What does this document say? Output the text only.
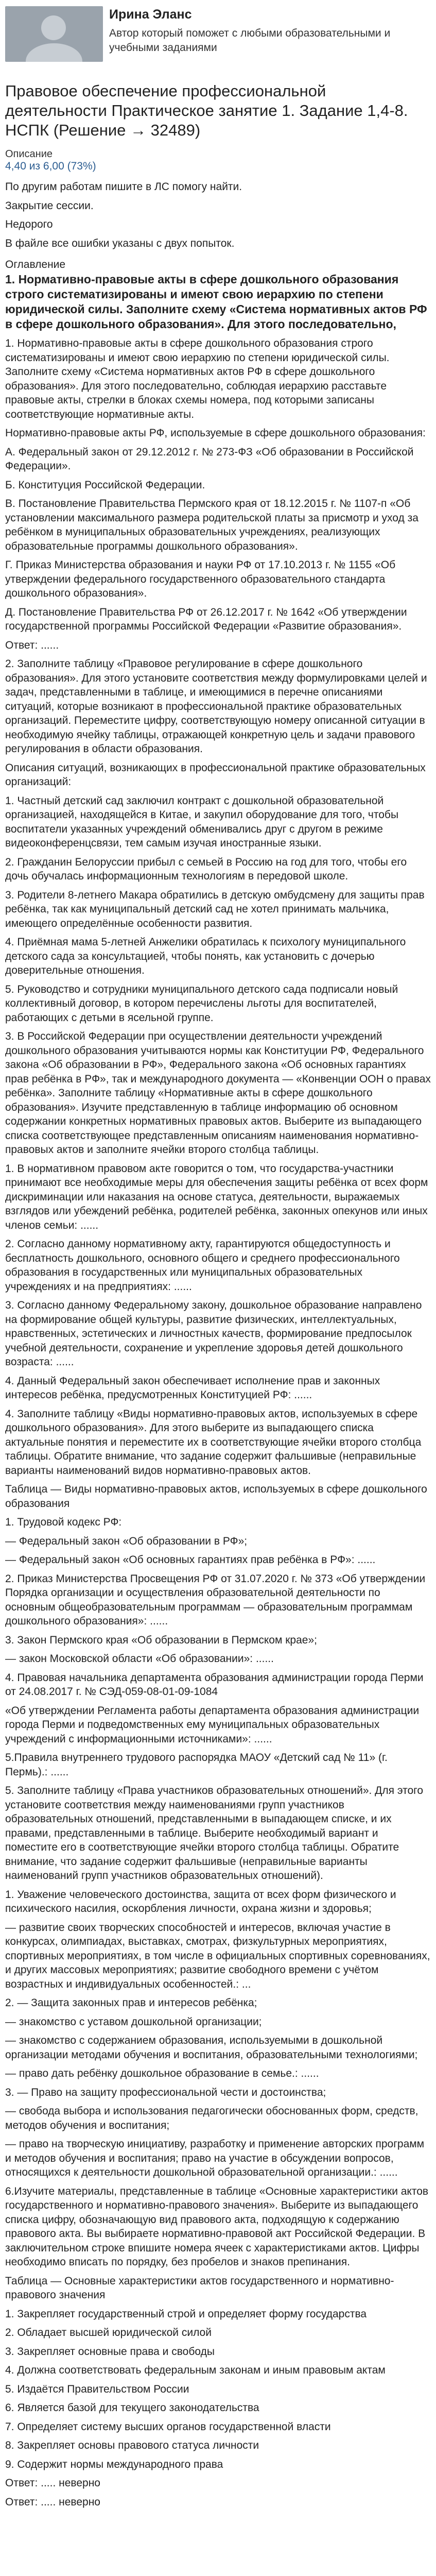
Ирина Эланс
Автор который поможет с любыми образовательными и учебными заданиями
Правовое обеспечение профессиональной деятельности Практическое занятие 1. Задание 1,4-8. НСПК (Решение → 32489)

Описание

4,40 из 6,00 (73%)

По другим работам пишите в ЛС помогу найти.

Закрытие сессии.

Недорого

В файле все ошибки указаны с двух попыток.

Оглавление

1. Нормативно-правовые акты в сфере дошкольного образования строго систематизированы и имеют свою иерархию по степени юридической силы. Заполните схему «Система нормативных актов РФ в сфере дошкольного образования». Для этого последовательно,

1. Нормативно-правовые акты в сфере дошкольного образования строго систематизированы и имеют свою иерархию по степени юридической силы. Заполните схему «Система нормативных актов РФ в сфере дошкольного образования». Для этого последовательно, соблюдая иерархию расставьте правовые акты, стрелки в блоках схемы номера, под которыми записаны соответствующие нормативные акты.

Нормативно-правовые акты РФ, используемые в сфере дошкольного образования:

А. Федеральный закон от 29.12.2012 г. № 273-ФЗ «Об образовании в Российской Федерации».

Б. Конституция Российской Федерации.

В. Постановление Правительства Пермского края от 18.12.2015 г. № 1107-п «Об установлении максимального размера родительской платы за присмотр и уход за ребёнком в муниципальных образовательных учреждениях, реализующих образовательные программы дошкольного образования».

Г. Приказ Министерства образования и науки РФ от 17.10.2013 г. № 1155 «Об утверждении федерального государственного образовательного стандарта дошкольного образования».

Д. Постановление Правительства РФ от 26.12.2017 г. № 1642 «Об утверждении государственной программы Российской Федерации «Развитие образования».

Ответ: ......

2. Заполните таблицу «Правовое регулирование в сфере дошкольного образования». Для этого установите соответствия между формулировками целей и задач, представленными в таблице, и имеющимися в перечне описаниями ситуаций, которые возникают в профессиональной практике образовательных организаций. Переместите цифру, соответствующую номеру описанной ситуации в необходимую ячейку таблицы, отражающей конкретную цель и задачи правового регулирования в области образования.

Описания ситуаций, возникающих в профессиональной практике образовательных организаций:

1. Частный детский сад заключил контракт с дошкольной образовательной организацией, находящейся в Китае, и закупил оборудование для того, чтобы воспитатели указанных учреждений обменивались друг с другом в режиме видеоконференцсвязи, тем самым изучая иностранные языки.

2. Гражданин Белоруссии прибыл с семьей в Россию на год для того, чтобы его дочь обучалась информационным технологиям в передовой школе.

3. Родители 8-летнего Макара обратились в детскую омбудсмену для защиты прав ребёнка, так как муниципальный детский сад не хотел принимать мальчика, имеющего определённые особенности развития.

4. Приёмная мама 5-летней Анжелики обратилась к психологу муниципального детского сада за консультацией, чтобы понять, как установить с дочерью доверительные отношения.

5. Руководство и сотрудники муниципального детского сада подписали новый коллективный договор, в котором перечислены льготы для воспитателей, работающих с детьми в ясельной группе.

3. В Российской Федерации при осуществлении деятельности учреждений дошкольного образования учитываются нормы как Конституции РФ, Федерального закона «Об образовании в РФ», Федерального закона «Об основных гарантиях прав ребёнка в РФ», так и международного документа — «Конвенции ООН о правах ребёнка». Заполните таблицу «Нормативные акты в сфере дошкольного образования». Изучите представленную в таблице информацию об основном содержании конкретных нормативных правовых актов. Выберите из выпадающего списка соответствующее представленным описаниям наименования нормативно-правовых актов и заполните ячейки второго столбца таблицы.

1. В нормативном правовом акте говорится о том, что государства-участники принимают все необходимые меры для обеспечения защиты ребёнка от всех форм дискриминации или наказания на основе статуса, деятельности, выражаемых взглядов или убеждений ребёнка, родителей ребёнка, законных опекунов или иных членов семьи: ......

2. Согласно данному нормативному акту, гарантируются общедоступность и бесплатность дошкольного, основного общего и среднего профессионального образования в государственных или муниципальных образовательных учреждениях и на предприятиях: ......

3. Согласно данному Федеральному закону, дошкольное образование направлено на формирование общей культуры, развитие физических, интеллектуальных, нравственных, эстетических и личностных качеств, формирование предпосылок учебной деятельности, сохранение и укрепление здоровья детей дошкольного возраста: ......

4. Данный Федеральный закон обеспечивает исполнение прав и законных интересов ребёнка, предусмотренных Конституцией РФ: ......

4. Заполните таблицу «Виды нормативно-правовых актов, используемых в сфере дошкольного образования». Для этого выберите из выпадающего списка актуальные понятия и переместите их в соответствующие ячейки второго столбца таблицы. Обратите внимание, что задание содержит фальшивые (неправильные варианты наименований видов нормативно-правовых актов.

Таблица — Виды нормативно-правовых актов, используемых в сфере дошкольного образования

1. Трудовой кодекс РФ:

— Федеральный закон «Об образовании в РФ»;

— Федеральный закон «Об основных гарантиях прав ребёнка в РФ»: ......

2. Приказ Министерства Просвещения РФ от 31.07.2020 г. № 373 «Об утверждении Порядка организации и осуществления образовательной деятельности по основным общеобразовательным программам — образовательным программам дошкольного образования»: ......

3. Закон Пермского края «Об образовании в Пермском крае»;

— закон Московской области «Об образовании»: ......

4. Правовая начальника департамента образования администрации города Перми от 24.08.2017 г. № СЭД-059-08-01-09-1084

«Об утверждении Регламента работы департамента образования администрации города Перми и подведомственных ему муниципальных образовательных учреждений с информационными источниками»: ......

5.Правила внутреннего трудового распорядка МАОУ «Детский сад № 11» (г. Пермь).: ......

5. Заполните таблицу «Права участников образовательных отношений». Для этого установите соответствия между наименованиями групп участников образовательных отношений, представленными в выпадающем списке, и их правами, представленными в таблице. Выберите необходимый вариант и поместите его в соответствующие ячейки второго столбца таблицы. Обратите внимание, что задание содержит фальшивые (неправильные варианты наименований групп участников образовательных отношений).

1. Уважение человеческого достоинства, защита от всех форм физического и психического насилия, оскорбления личности, охрана жизни и здоровья;

— развитие своих творческих способностей и интересов, включая участие в конкурсах, олимпиадах, выставках, смотрах, физкультурных мероприятиях, спортивных мероприятиях, в том числе в официальных спортивных соревнованиях, и других массовых мероприятиях; развитие свободного времени с учётом возрастных и индивидуальных особенностей.: ...

2. — Защита законных прав и интересов ребёнка;

— знакомство с уставом дошкольной организации;

— знакомство с содержанием образования, используемыми в дошкольной организации методами обучения и воспитания, образовательными технологиями;

— право дать ребёнку дошкольное образование в семье.: ......

3. — Право на защиту профессиональной чести и достоинства;

— свобода выбора и использования педагогически обоснованных форм, средств, методов обучения и воспитания;

— право на творческую инициативу, разработку и применение авторских программ и методов обучения и воспитания; право на участие в обсуждении вопросов, относящихся к деятельности дошкольной образовательной организации.: ......

6.Изучите материалы, представленные в таблице «Основные характеристики актов государственного и нормативно-правового значения». Выберите из выпадающего списка цифру, обозначающую вид правового акта, подходящую к содержанию правового акта. Вы выбираете нормативно-правовой акт Российской Федерации. В заключительном строке впишите номера ячеек с характеристиками актов. Цифры необходимо вписать по порядку, без пробелов и знаков препинания.

Таблица — Основные характеристики актов государственного и нормативно-правового значения

1. Закрепляет государственный строй и определяет форму государства

2. Обладает высшей юридической силой

3. Закрепляет основные права и свободы

4. Должна соответствовать федеральным законам и иным правовым актам

5. Издаётся Правительством России

6. Является базой для текущего законодательства

7. Определяет систему высших органов государственной власти

8. Закрепляет основы правового статуса личности

9. Содержит нормы международного права

Ответ: ..... неверно

Ответ: ..... неверно
